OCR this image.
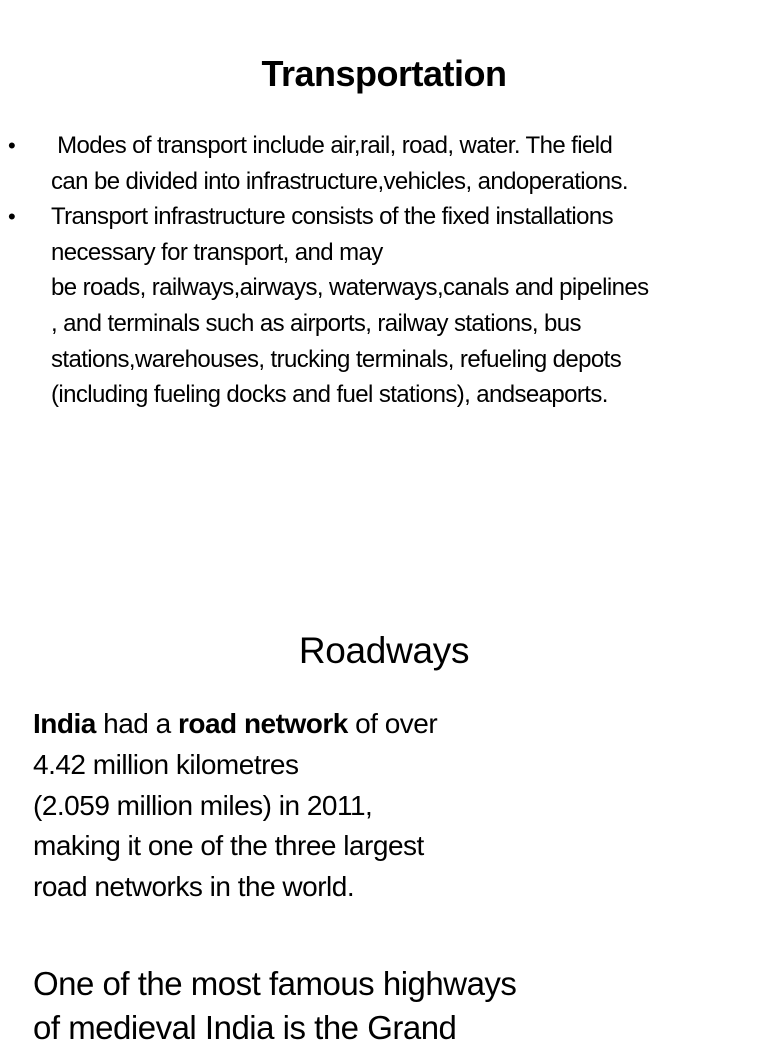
Transportation
•	Modes of transport include air,rail, road, water. The field
can be divided into infrastructure,vehicles, andoperations.
•	Transport infrastructure consists of the fixed installations
necessary for transport, and may
be roads, railways,airways, waterways,canals and pipelines
, and terminals such as airports, railway stations, bus
stations,warehouses, trucking terminals, refueling depots
(including fueling docks and fuel stations), andseaports.
Roadways
India had a road network of over
4.42 million kilometres
(2.059 million miles) in 2011,
making it one of the three largest
road networks in the world.
One of the most famous highways
of medieval India is the Grand
